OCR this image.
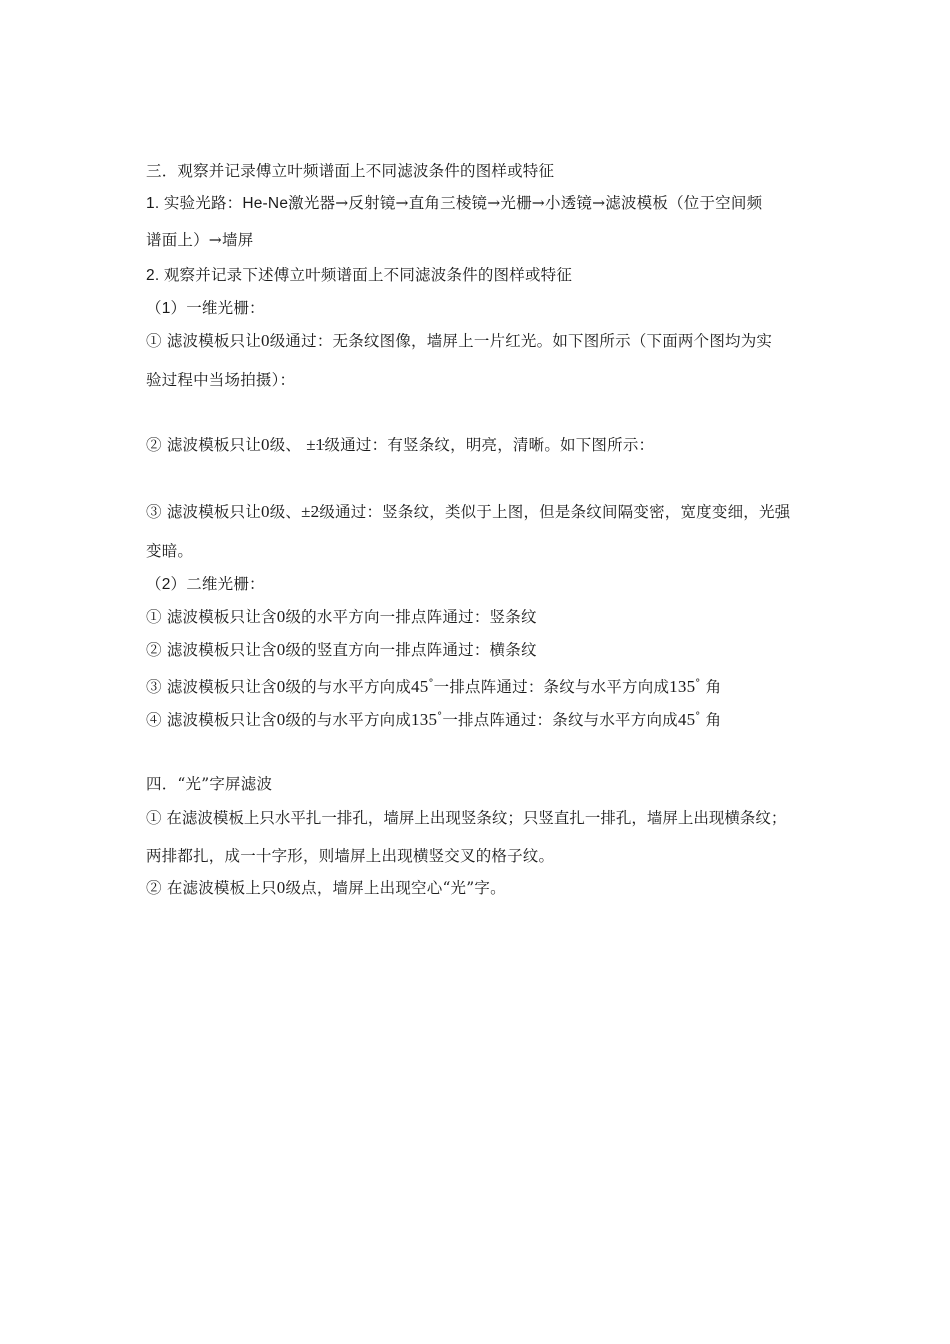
三．观察并记录傅立叶频谱面上不同滤波条件的图样或特征
1. 实验光路：He-Ne激光器→反射镜→直角三棱镜→光栅→小透镜→滤波模板（位于空间频
谱面上）→墙屏
2. 观察并记录下述傅立叶频谱面上不同滤波条件的图样或特征
（1）一维光栅：
① 滤波模板只让0级通过：无条纹图像，墙屏上一片红光。如下图所示（下面两个图均为实
验过程中当场拍摄）：
② 滤波模板只让0级、 ±1级通过：有竖条纹，明亮，清晰。如下图所示：
③ 滤波模板只让0级、±2级通过：竖条纹，类似于上图，但是条纹间隔变密，宽度变细，光强
变暗。
（2）二维光栅：
① 滤波模板只让含0级的水平方向一排点阵通过：竖条纹
② 滤波模板只让含0级的竖直方向一排点阵通过：横条纹
③ 滤波模板只让含0级的与水平方向成45°一排点阵通过：条纹与水平方向成135° 角
④ 滤波模板只让含0级的与水平方向成135°一排点阵通过：条纹与水平方向成45° 角
四．“光”字屏滤波
① 在滤波模板上只水平扎一排孔，墙屏上出现竖条纹；只竖直扎一排孔，墙屏上出现横条纹；
两排都扎，成一十字形，则墙屏上出现横竖交叉的格子纹。
② 在滤波模板上只0级点，墙屏上出现空心“光”字。
